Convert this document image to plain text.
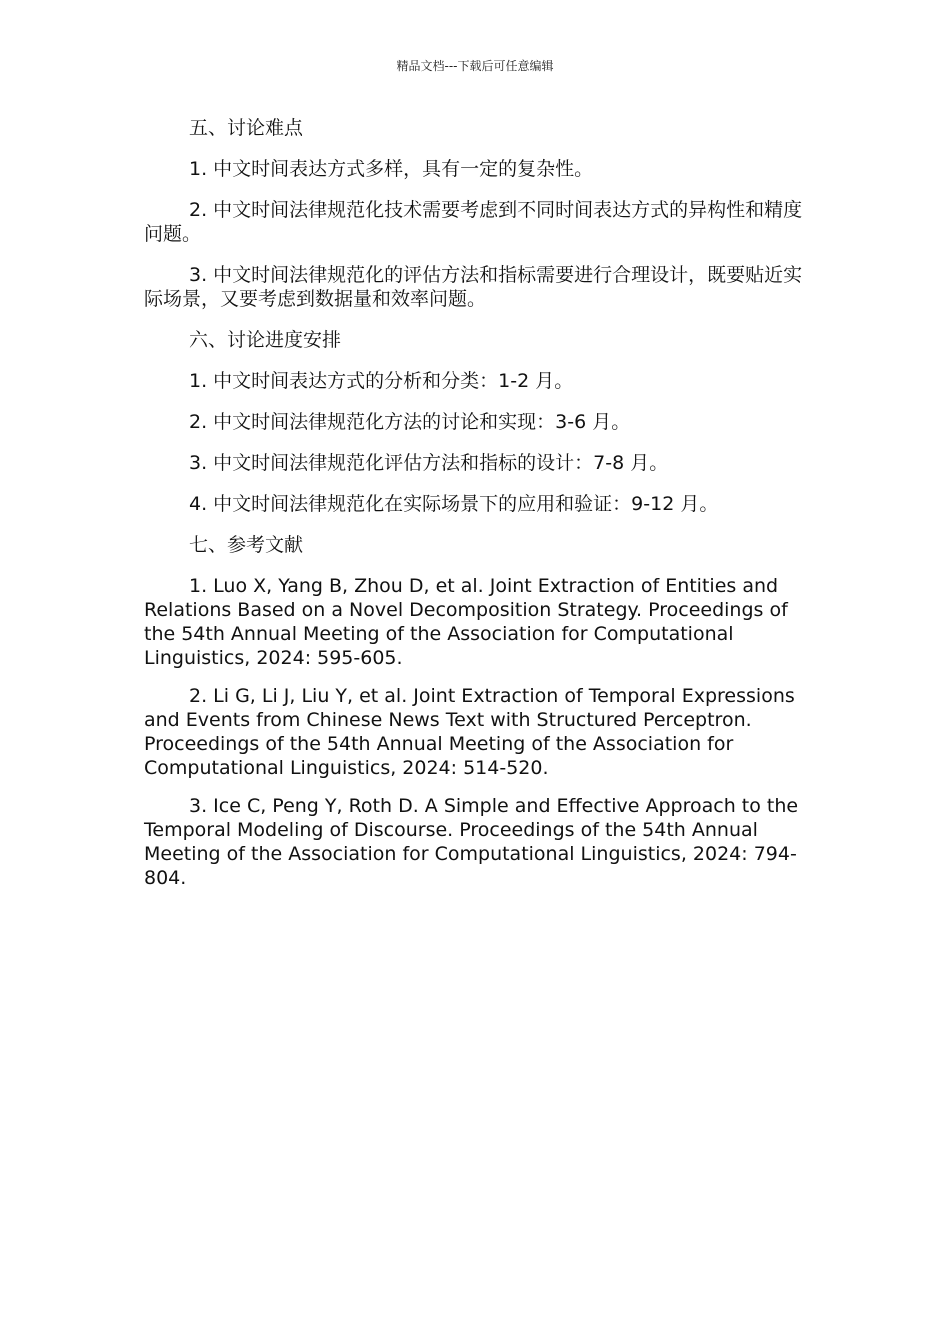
精品文档---下载后可任意编辑

五、讨论难点

1. 中文时间表达方式多样，具有一定的复杂性。

2. 中文时间法律规范化技术需要考虑到不同时间表达方式的异构性和精度问题。

3. 中文时间法律规范化的评估方法和指标需要进行合理设计，既要贴近实际场景，又要考虑到数据量和效率问题。

六、讨论进度安排

1. 中文时间表达方式的分析和分类：1-2 月。

2. 中文时间法律规范化方法的讨论和实现：3-6 月。

3. 中文时间法律规范化评估方法和指标的设计：7-8 月。

4. 中文时间法律规范化在实际场景下的应用和验证：9-12 月。

七、参考文献

1. Luo X, Yang B, Zhou D, et al. Joint Extraction of Entities and Relations Based on a Novel Decomposition Strategy. Proceedings of the 54th Annual Meeting of the Association for Computational Linguistics, 2024: 595-605.

2. Li G, Li J, Liu Y, et al. Joint Extraction of Temporal Expressions and Events from Chinese News Text with Structured Perceptron. Proceedings of the 54th Annual Meeting of the Association for Computational Linguistics, 2024: 514-520.

3. Ice C, Peng Y, Roth D. A Simple and Effective Approach to the Temporal Modeling of Discourse. Proceedings of the 54th Annual Meeting of the Association for Computational Linguistics, 2024: 794-804.
